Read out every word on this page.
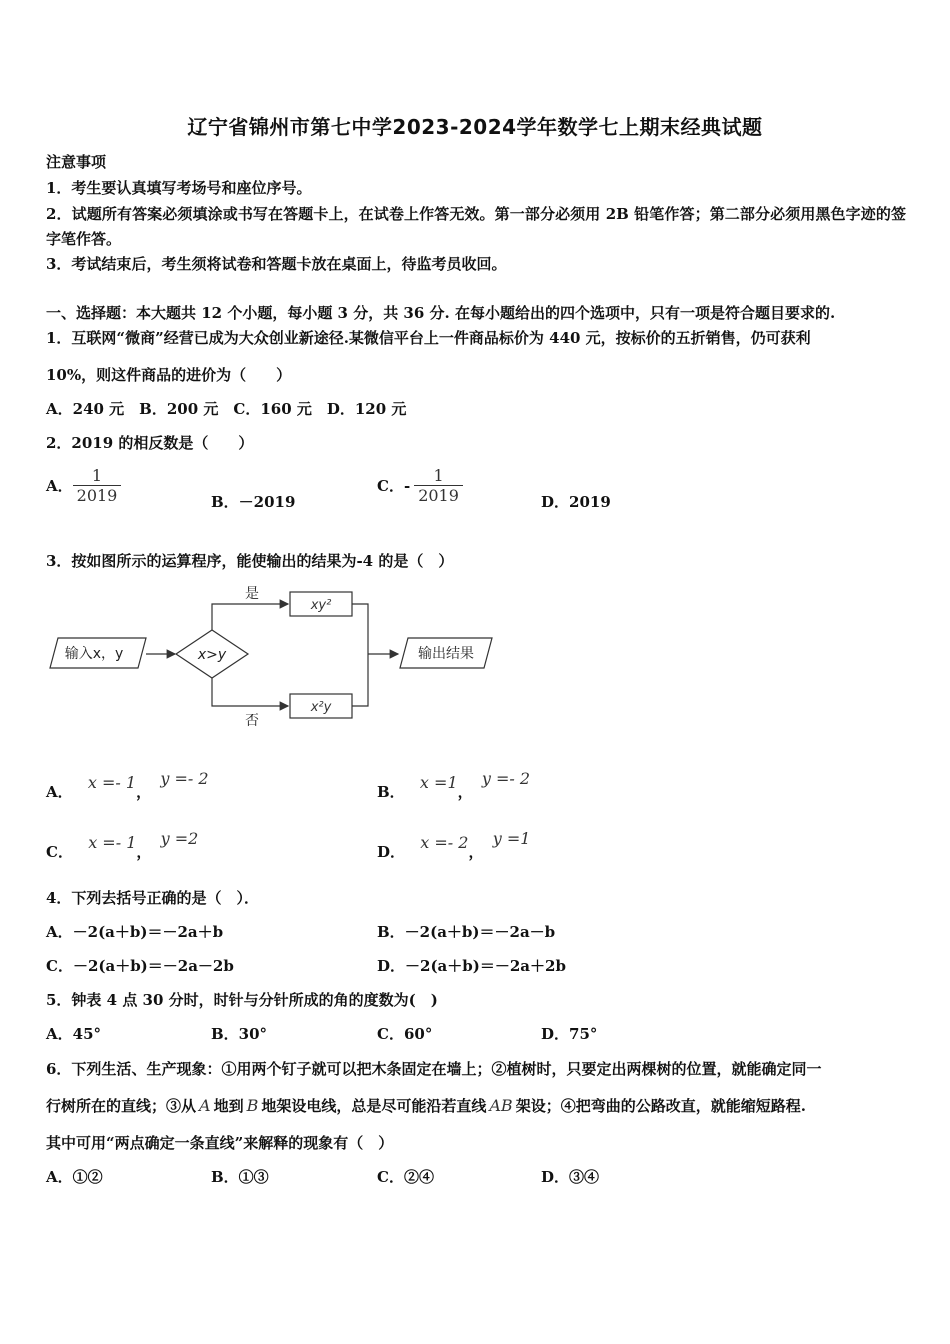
辽宁省锦州市第七中学2023-2024学年数学七上期末经典试题
注意事项
1．考生要认真填写考场号和座位序号。
2．试题所有答案必须填涂或书写在答题卡上，在试卷上作答无效。第一部分必须用 2B 铅笔作答；第二部分必须用黑色字迹的签字笔作答。
3．考试结束后，考生须将试卷和答题卡放在桌面上，待监考员收回。
一、选择题：本大题共 12 个小题，每小题 3 分，共 36 分. 在每小题给出的四个选项中，只有一项是符合题目要求的.
1．互联网“微商”经营已成为大众创业新途径.某微信平台上一件商品标价为 440 元，按标价的五折销售，仍可获利
10%，则这件商品的进价为（　　）
A．240 元　B．200 元　C．160 元　D．120 元
2．2019 的相反数是（　　）
A． $\frac{1}{2019}$	B．－2019
C．- $\frac{1}{2019}$	D．2019
3．按如图所示的运算程序，能使输出的结果为-4 的是（　）
输入x，y	x>y
是
xy²
否
x²y
输出结果
A． x =- 1， y =- 2
B． x =1， y =- 2
C． x =- 1， y =2
D． x =- 2， y =1
4．下列去括号正确的是（　）．
A．－2(a＋b)＝－2a＋b	B．－2(a＋b)＝－2a－b
C．－2(a＋b)＝－2a－2b	D．－2(a＋b)＝－2a＋2b
5．钟表 4 点 30 分时，时针与分针所成的角的度数为(　)
A．45°	B．30°	C．60°	D．75°
6．下列生活、生产现象：①用两个钉子就可以把木条固定在墙上；②植树时，只要定出两棵树的位置，就能确定同一
行树所在的直线；③从 A 地到 B 地架设电线，总是尽可能沿若直线 AB 架设；④把弯曲的公路改直，就能缩短路程.
其中可用“两点确定一条直线”来解释的现象有（　）
A．①②	B．①③	C．②④	D．③④
